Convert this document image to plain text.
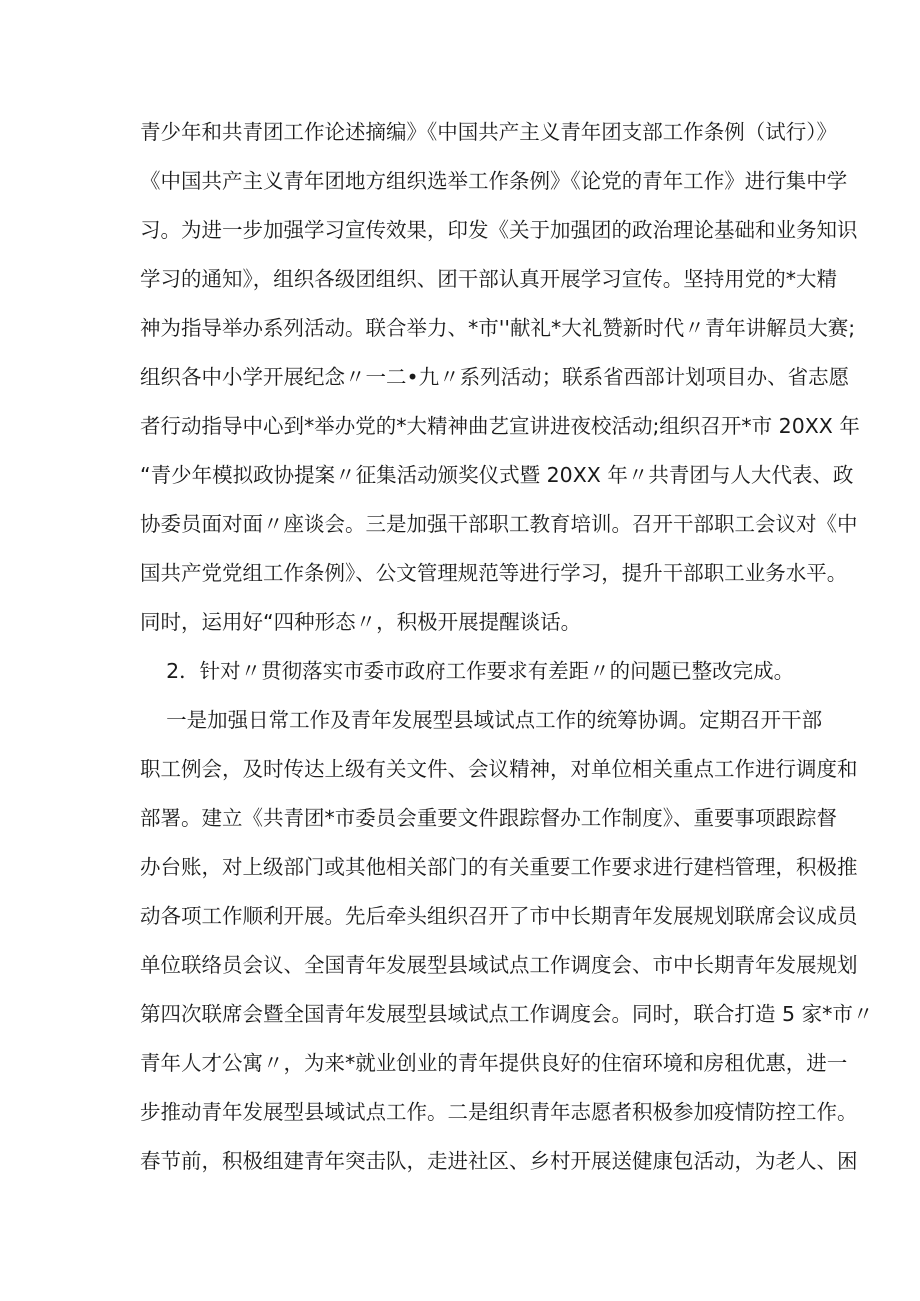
青少年和共青团工作论述摘编》《中国共产主义青年团支部工作条例（试行）》

《中国共产主义青年团地方组织选举工作条例》《论党的青年工作》进行集中学

习。为进一步加强学习宣传效果，印发《关于加强团的政治理论基础和业务知识

学习的通知》，组织各级团组织、团干部认真开展学习宣传。坚持用党的*大精

神为指导举办系列活动。联合举力、*市''献礼*大礼赞新时代〃青年讲解员大赛;

组织各中小学开展纪念〃一二•九〃系列活动；联系省西部计划项目办、省志愿

者行动指导中心到*举办党的*大精神曲艺宣讲进夜校活动;组织召开*市 20XX 年

“青少年模拟政协提案〃征集活动颁奖仪式暨 20XX 年〃共青团与人大代表、政

协委员面对面〃座谈会。三是加强干部职工教育培训。召开干部职工会议对《中

国共产党党组工作条例》、公文管理规范等进行学习，提升干部职工业务水平。

同时，运用好“四种形态〃，积极开展提醒谈话。

2．针对〃贯彻落实市委市政府工作要求有差距〃的问题已整改完成。

一是加强日常工作及青年发展型县域试点工作的统筹协调。定期召开干部

职工例会，及时传达上级有关文件、会议精神，对单位相关重点工作进行调度和

部署。建立《共青团*市委员会重要文件跟踪督办工作制度》、重要事项跟踪督

办台账，对上级部门或其他相关部门的有关重要工作要求进行建档管理，积极推

动各项工作顺利开展。先后牵头组织召开了市中长期青年发展规划联席会议成员

单位联络员会议、全国青年发展型县域试点工作调度会、市中长期青年发展规划

第四次联席会暨全国青年发展型县域试点工作调度会。同时，联合打造 5 家*市〃

青年人才公寓〃，为来*就业创业的青年提供良好的住宿环境和房租优惠，进一

步推动青年发展型县域试点工作。二是组织青年志愿者积极参加疫情防控工作。

春节前，积极组建青年突击队，走进社区、乡村开展送健康包活动，为老人、困
